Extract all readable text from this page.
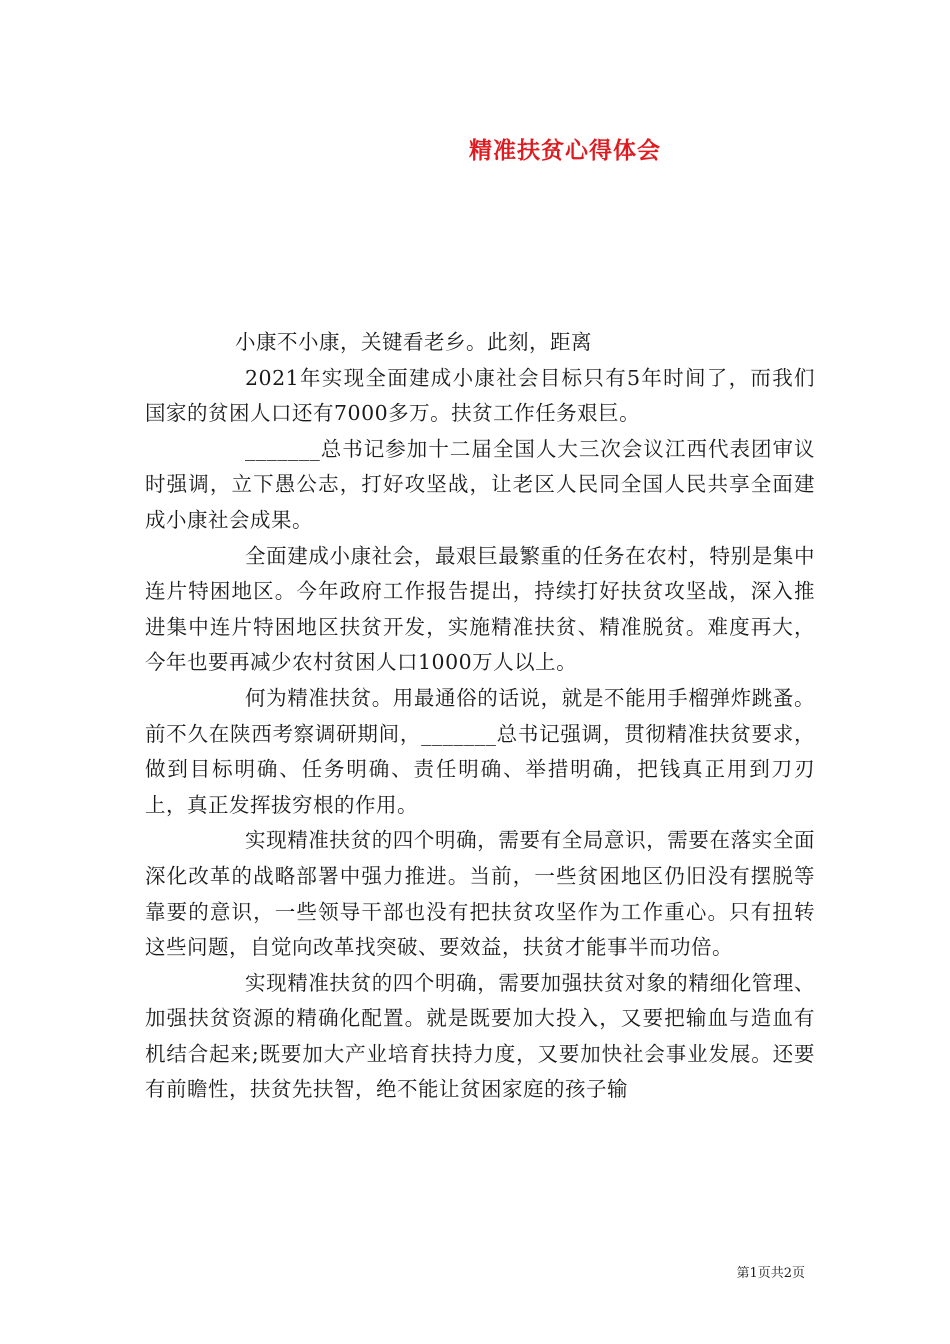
精准扶贫心得体会

小康不小康，关键看老乡。此刻，距离

2021年实现全面建成小康社会目标只有5年时间了，而我们国家的贫困人口还有7000多万。扶贫工作任务艰巨。

_______总书记参加十二届全国人大三次会议江西代表团审议时强调，立下愚公志，打好攻坚战，让老区人民同全国人民共享全面建成小康社会成果。

全面建成小康社会，最艰巨最繁重的任务在农村，特别是集中连片特困地区。今年政府工作报告提出，持续打好扶贫攻坚战，深入推进集中连片特困地区扶贫开发，实施精准扶贫、精准脱贫。难度再大，今年也要再减少农村贫困人口1000万人以上。

何为精准扶贫。用最通俗的话说，就是不能用手榴弹炸跳蚤。前不久在陕西考察调研期间，_______总书记强调，贯彻精准扶贫要求，做到目标明确、任务明确、责任明确、举措明确，把钱真正用到刀刃上，真正发挥拔穷根的作用。

实现精准扶贫的四个明确，需要有全局意识，需要在落实全面深化改革的战略部署中强力推进。当前，一些贫困地区仍旧没有摆脱等靠要的意识，一些领导干部也没有把扶贫攻坚作为工作重心。只有扭转这些问题，自觉向改革找突破、要效益，扶贫才能事半而功倍。

实现精准扶贫的四个明确，需要加强扶贫对象的精细化管理、加强扶贫资源的精确化配置。就是既要加大投入，又要把输血与造血有机结合起来;既要加大产业培育扶持力度，又要加快社会事业发展。还要有前瞻性，扶贫先扶智，绝不能让贫困家庭的孩子输

第1页共2页
